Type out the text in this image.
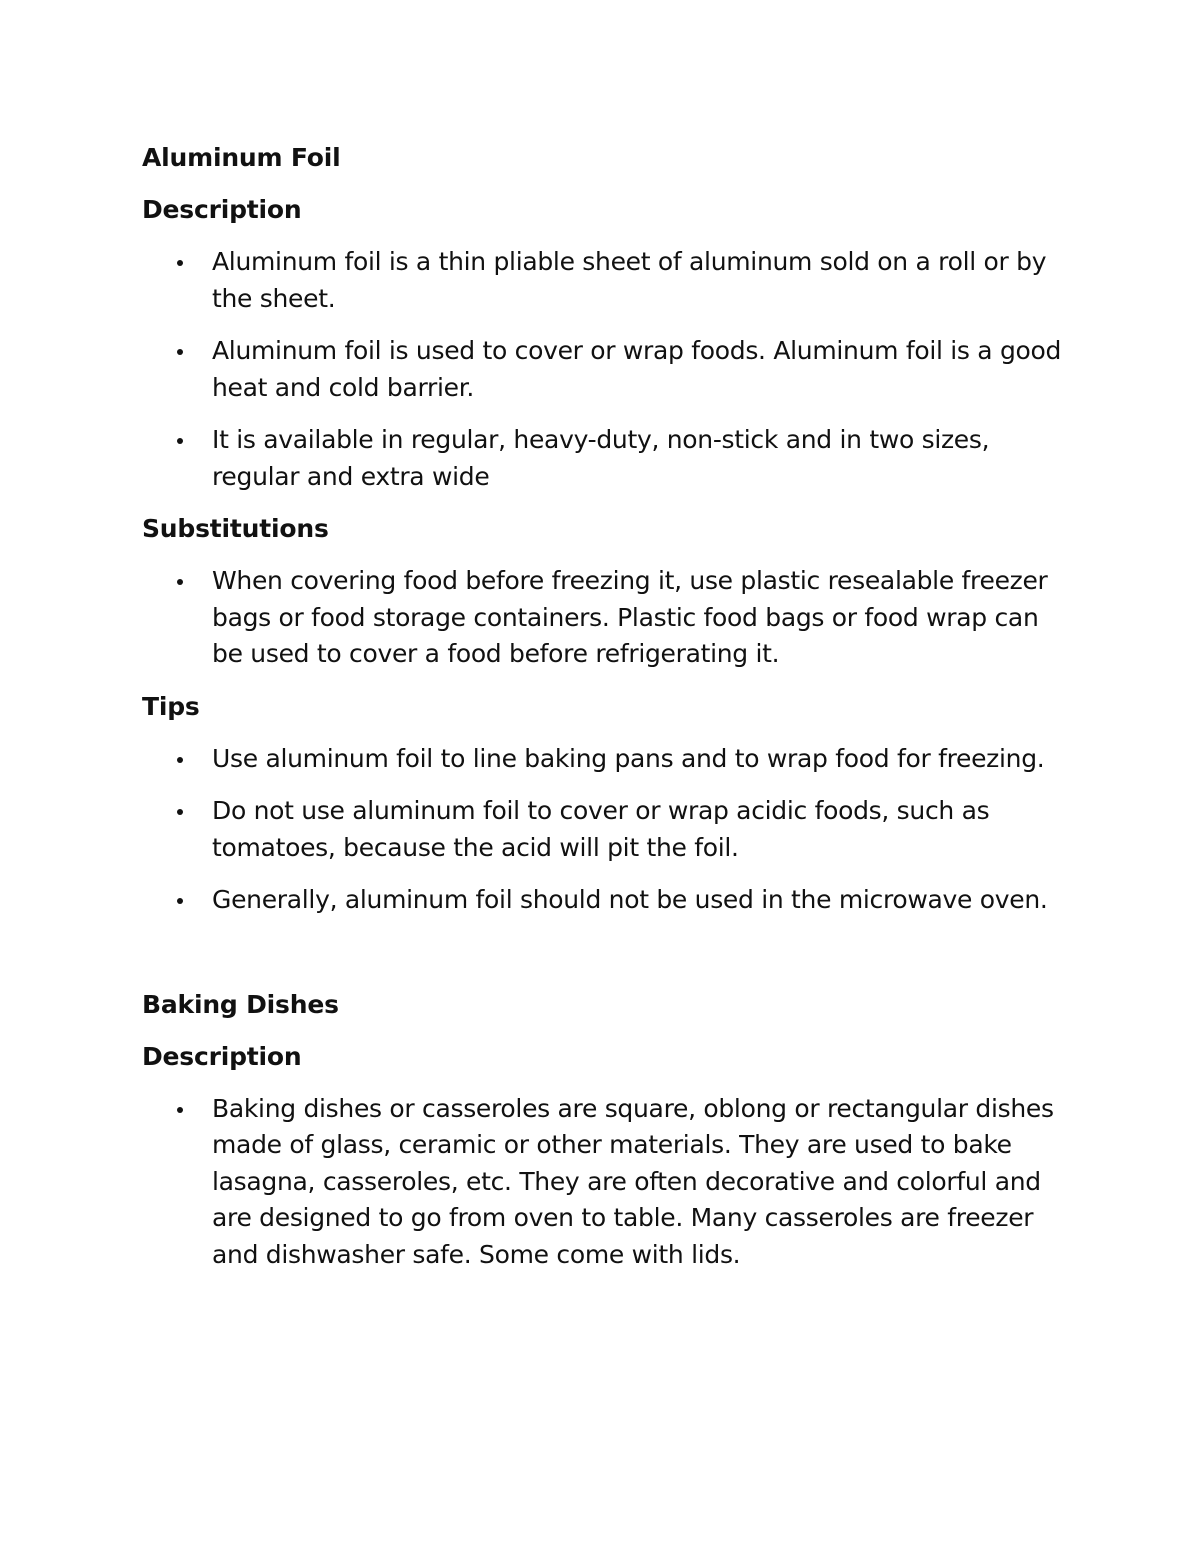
Aluminum Foil
Description
Aluminum foil is a thin pliable sheet of aluminum sold on a roll or by the sheet.
Aluminum foil is used to cover or wrap foods. Aluminum foil is a good heat and cold barrier.
It is available in regular, heavy-duty, non-stick and in two sizes, regular and extra wide
Substitutions
When covering food before freezing it, use plastic resealable freezer bags or food storage containers. Plastic food bags or food wrap can be used to cover a food before refrigerating it.
Tips
Use aluminum foil to line baking pans and to wrap food for freezing.
Do not use aluminum foil to cover or wrap acidic foods, such as tomatoes, because the acid will pit the foil.
Generally, aluminum foil should not be used in the microwave oven.
Baking Dishes
Description
Baking dishes or casseroles are square, oblong or rectangular dishes made of glass, ceramic or other materials. They are used to bake lasagna, casseroles, etc. They are often decorative and colorful and are designed to go from oven to table. Many casseroles are freezer and dishwasher safe. Some come with lids.
